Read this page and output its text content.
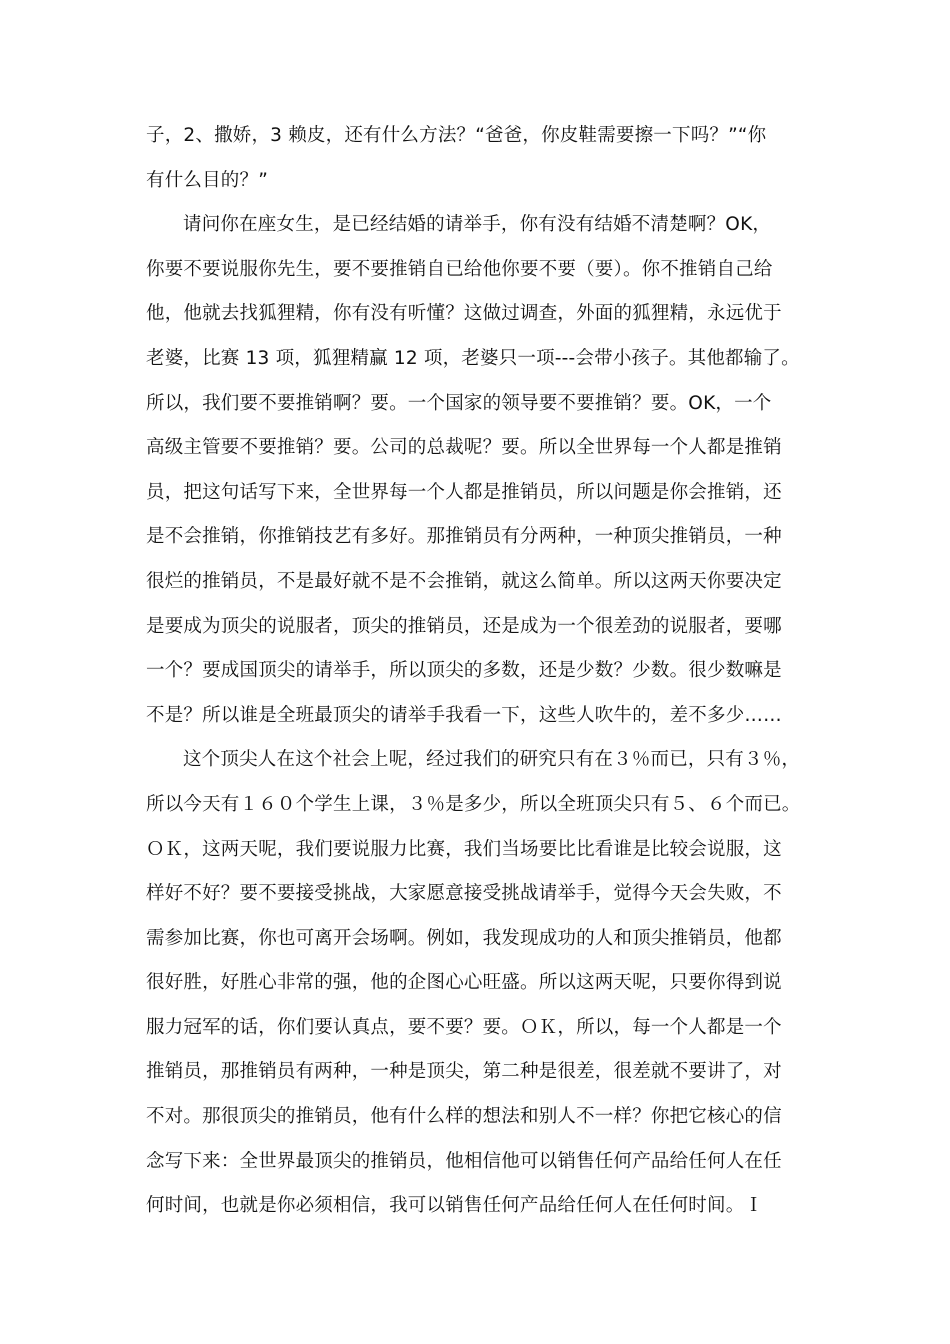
子，2、撒娇，3 赖皮，还有什么方法？“爸爸，你皮鞋需要擦一下吗？”“你
有什么目的？”
请问你在座女生，是已经结婚的请举手，你有没有结婚不清楚啊？OK，
你要不要说服你先生，要不要推销自已给他你要不要（要）。你不推销自己给
他，他就去找狐狸精，你有没有听懂？这做过调查，外面的狐狸精，永远优于
老婆，比赛 13 项，狐狸精赢 12 项，老婆只一项---会带小孩子。其他都输了。
所以，我们要不要推销啊？要。一个国家的领导要不要推销？要。OK，一个
高级主管要不要推销？要。公司的总裁呢？要。所以全世界每一个人都是推销
员，把这句话写下来，全世界每一个人都是推销员，所以问题是你会推销，还
是不会推销，你推销技艺有多好。那推销员有分两种，一种顶尖推销员，一种
很烂的推销员，不是最好就不是不会推销，就这么简单。所以这两天你要决定
是要成为顶尖的说服者，顶尖的推销员，还是成为一个很差劲的说服者，要哪
一个？要成国顶尖的请举手，所以顶尖的多数，还是少数？少数。很少数嘛是
不是？所以谁是全班最顶尖的请举手我看一下，这些人吹牛的，差不多少……
这个顶尖人在这个社会上呢，经过我们的研究只有在３％而已，只有３％，
所以今天有１６０个学生上课，３％是多少，所以全班顶尖只有５、６个而已。
ＯＫ，这两天呢，我们要说服力比赛，我们当场要比比看谁是比较会说服，这
样好不好？要不要接受挑战，大家愿意接受挑战请举手，觉得今天会失败，不
需参加比赛，你也可离开会场啊。例如，我发现成功的人和顶尖推销员，他都
很好胜，好胜心非常的强，他的企图心心旺盛。所以这两天呢，只要你得到说
服力冠军的话，你们要认真点，要不要？要。ＯＫ，所以，每一个人都是一个
推销员，那推销员有两种，一种是顶尖，第二种是很差，很差就不要讲了，对
不对。那很顶尖的推销员，他有什么样的想法和别人不一样？你把它核心的信
念写下来：全世界最顶尖的推销员，他相信他可以销售任何产品给任何人在任
何时间，也就是你必须相信，我可以销售任何产品给任何人在任何时间。Ｉ
